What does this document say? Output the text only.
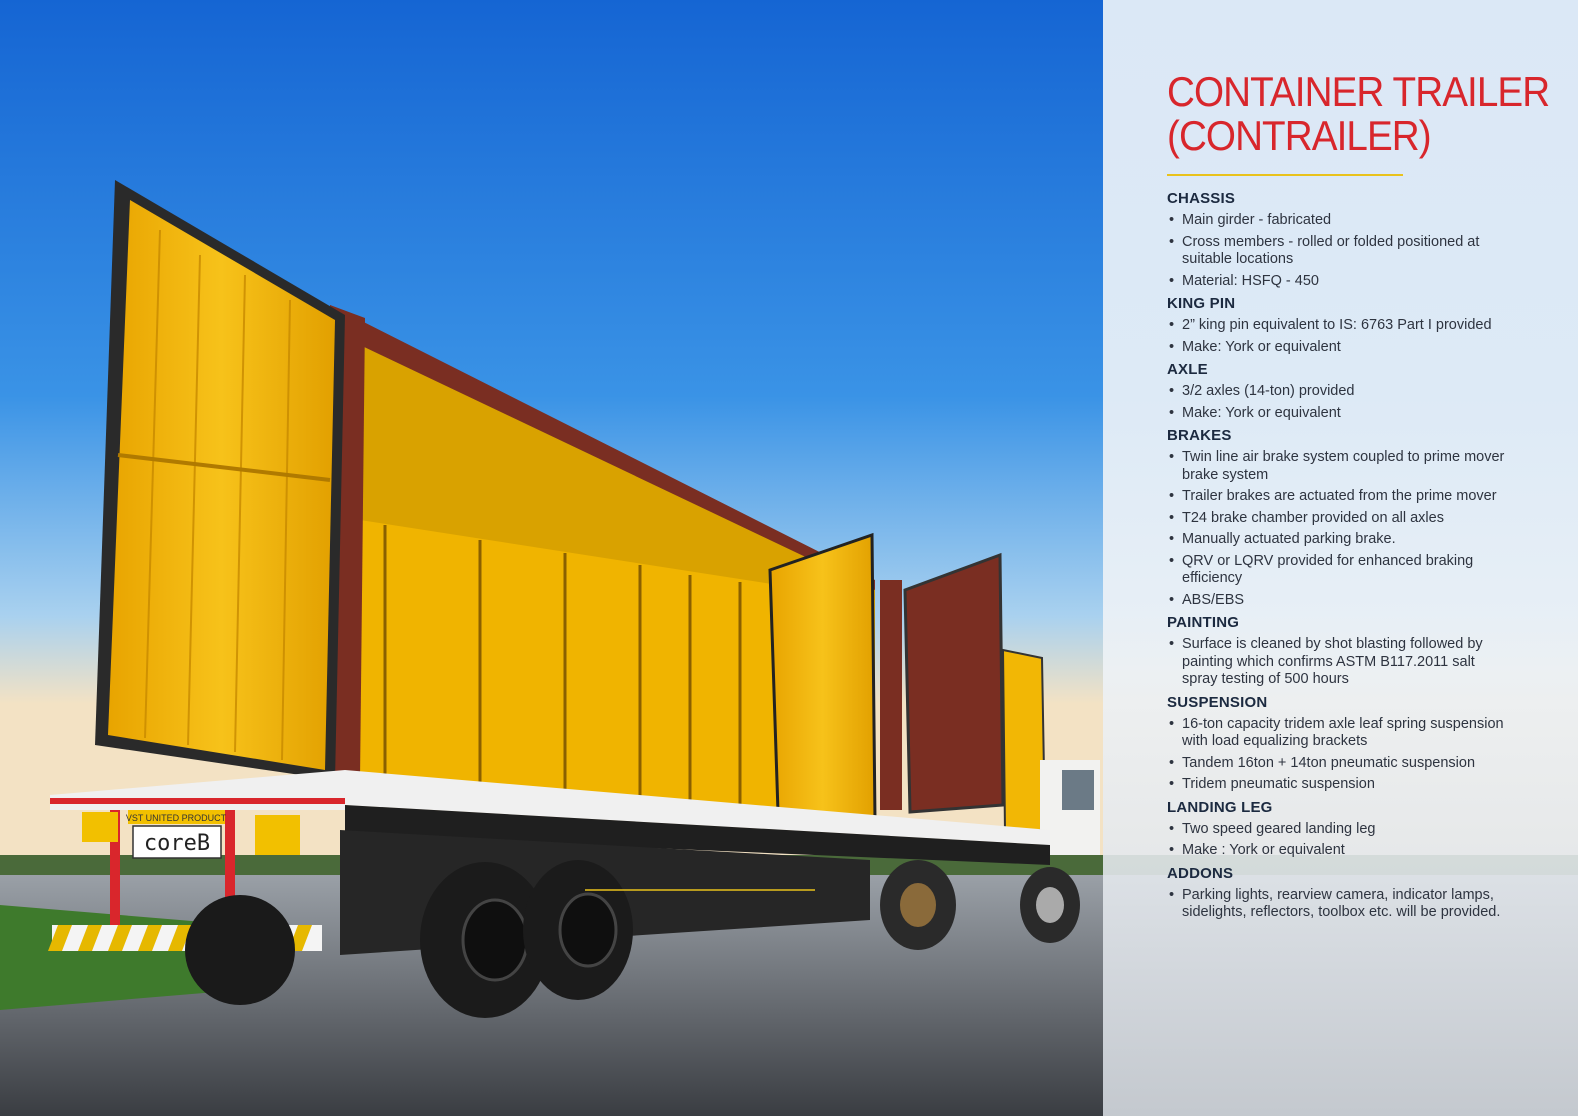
VST UNITED PRODUCT
coreB
CONTAINER TRAILER
(CONTRAILER)
CHASSIS
• Main girder - fabricated
• Cross members - rolled or folded positioned at suitable locations
• Material: HSFQ - 450
KING PIN
• 2” king pin equivalent to IS: 6763 Part I provided
• Make: York or equivalent
AXLE
• 3/2 axles (14-ton) provided
• Make: York or equivalent
BRAKES
• Twin line air brake system coupled to prime mover brake system
• Trailer brakes are actuated from the prime mover
• T24 brake chamber provided on all axles
• Manually actuated parking brake.
• QRV or LQRV provided for enhanced braking efficiency
• ABS/EBS
PAINTING
• Surface is cleaned by shot blasting followed by painting which confirms ASTM B117.2011 salt spray testing of 500 hours
SUSPENSION
• 16-ton capacity tridem axle leaf spring suspension with load equalizing brackets
• Tandem 16ton + 14ton pneumatic suspension
• Tridem pneumatic suspension
LANDING LEG
• Two speed geared landing leg
• Make : York or equivalent
ADDONS
• Parking lights, rearview camera, indicator lamps, sidelights, reflectors, toolbox etc. will be provided.
